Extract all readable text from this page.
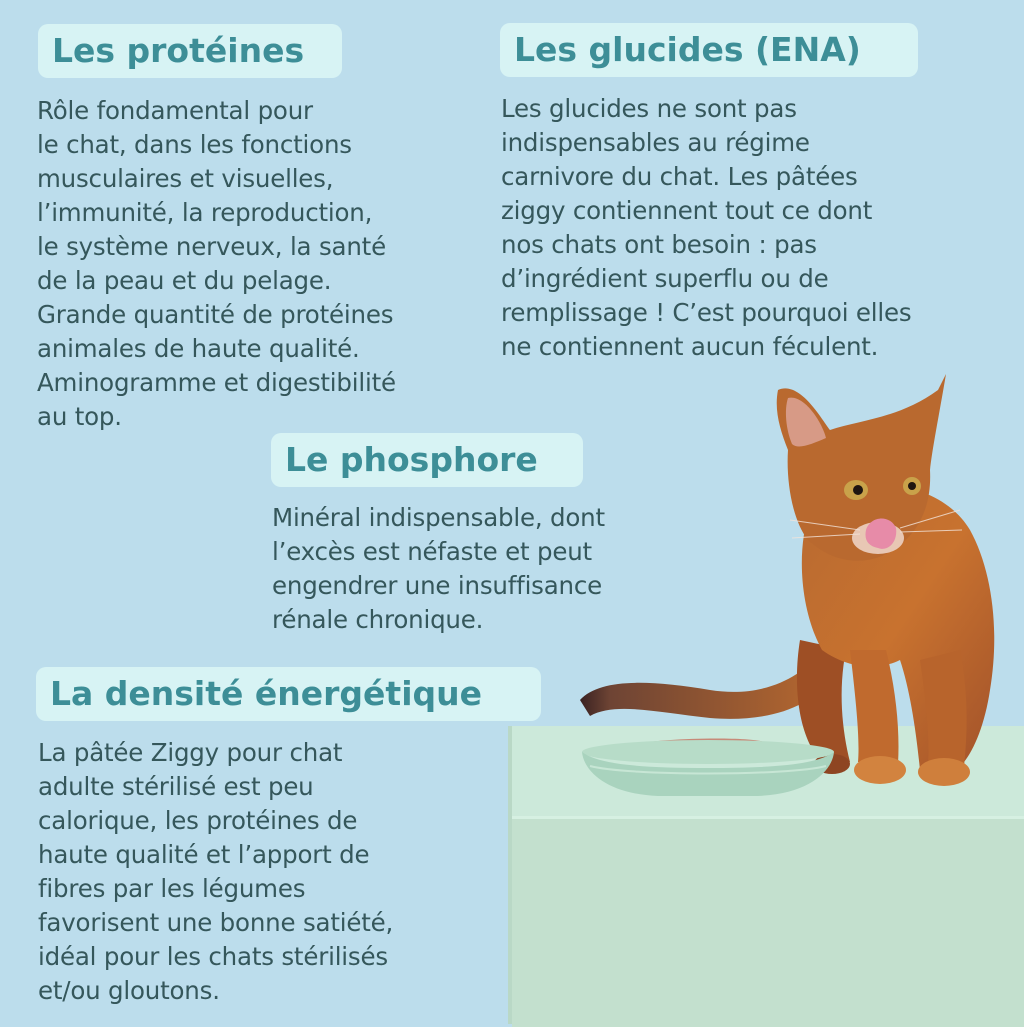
Les protéines

Rôle fondamental pour
le chat, dans les fonctions
musculaires et visuelles,
l’immunité, la reproduction,
le système nerveux, la santé
de la peau et du pelage.
Grande quantité de protéines
animales de haute qualité.
Aminogramme et digestibilité
au top.

Les glucides (ENA)

Les glucides ne sont pas
indispensables au régime
carnivore du chat. Les pâtées
ziggy contiennent tout ce dont
nos chats ont besoin : pas
d’ingrédient superflu ou de
remplissage ! C’est pourquoi elles
ne contiennent aucun féculent.

Le phosphore

Minéral indispensable, dont
l’excès est néfaste et peut
engendrer une insuffisance
rénale chronique.

La densité énergétique

La pâtée Ziggy pour chat
adulte stérilisé est peu
calorique, les protéines de
haute qualité et l’apport de
fibres par les légumes
favorisent une bonne satiété,
idéal pour les chats stérilisés
et/ou gloutons.
